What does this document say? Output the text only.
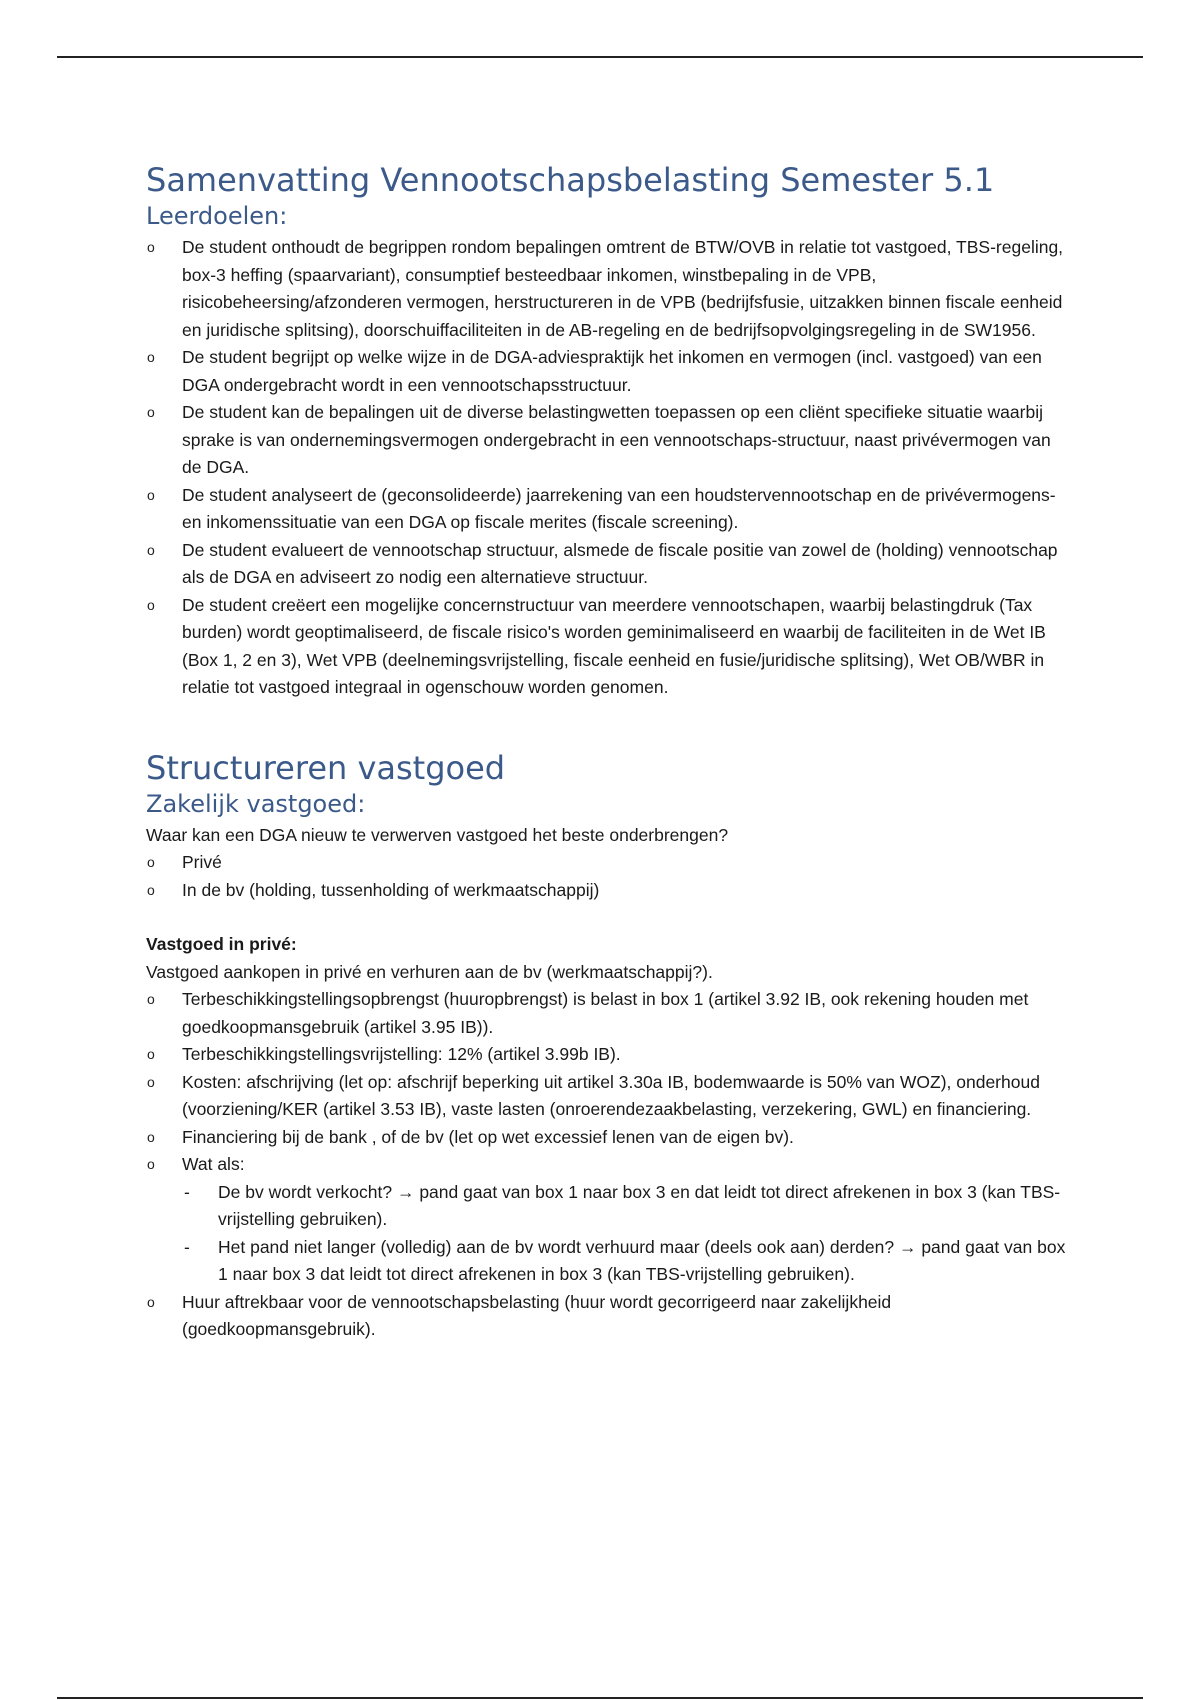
Samenvatting Vennootschapsbelasting Semester 5.1
Leerdoelen:
o De student onthoudt de begrippen rondom bepalingen omtrent de BTW/OVB in relatie tot vastgoed, TBS-regeling, box-3 heffing (spaarvariant), consumptief besteedbaar inkomen, winstbepaling in de VPB, risicobeheersing/afzonderen vermogen, herstructureren in de VPB (bedrijfsfusie, uitzakken binnen fiscale eenheid en juridische splitsing), doorschuiffaciliteiten in de AB-regeling en de bedrijfsopvolgingsregeling in de SW1956.
o De student begrijpt op welke wijze in de DGA-adviespraktijk het inkomen en vermogen (incl. vastgoed) van een DGA ondergebracht wordt in een vennootschapsstructuur.
o De student kan de bepalingen uit de diverse belastingwetten toepassen op een cliënt specifieke situatie waarbij sprake is van ondernemingsvermogen ondergebracht in een vennootschaps-structuur, naast privévermogen van de DGA.
o De student analyseert de (geconsolideerde) jaarrekening van een houdstervennootschap en de privévermogens- en inkomenssituatie van een DGA op fiscale merites (fiscale screening).
o De student evalueert de vennootschap structuur, alsmede de fiscale positie van zowel de (holding) vennootschap als de DGA en adviseert zo nodig een alternatieve structuur.
o De student creëert een mogelijke concernstructuur van meerdere vennootschapen, waarbij belastingdruk (Tax burden) wordt geoptimaliseerd, de fiscale risico's worden geminimaliseerd en waarbij de faciliteiten in de Wet IB (Box 1, 2 en 3), Wet VPB (deelnemingsvrijstelling, fiscale eenheid en fusie/juridische splitsing), Wet OB/WBR in relatie tot vastgoed integraal in ogenschouw worden genomen.
Structureren vastgoed
Zakelijk vastgoed:
Waar kan een DGA nieuw te verwerven vastgoed het beste onderbrengen?
o Privé
o In de bv (holding, tussenholding of werkmaatschappij)
Vastgoed in privé:
Vastgoed aankopen in privé en verhuren aan de bv (werkmaatschappij?).
o Terbeschikkingstellingsopbrengst (huuropbrengst) is belast in box 1 (artikel 3.92 IB, ook rekening houden met goedkoopmansgebruik (artikel 3.95 IB)).
o Terbeschikkingstellingsvrijstelling: 12% (artikel 3.99b IB).
o Kosten: afschrijving (let op: afschrijf beperking uit artikel 3.30a IB, bodemwaarde is 50% van WOZ), onderhoud (voorziening/KER (artikel 3.53 IB), vaste lasten (onroerendezaakbelasting, verzekering, GWL) en financiering.
o Financiering bij de bank , of de bv (let op wet excessief lenen van de eigen bv).
o Wat als:
- De bv wordt verkocht? → pand gaat van box 1 naar box 3 en dat leidt tot direct afrekenen in box 3 (kan TBS-vrijstelling gebruiken).
- Het pand niet langer (volledig) aan de bv wordt verhuurd maar (deels ook aan) derden? → pand gaat van box 1 naar box 3 dat leidt tot direct afrekenen in box 3 (kan TBS-vrijstelling gebruiken).
o Huur aftrekbaar voor de vennootschapsbelasting (huur wordt gecorrigeerd naar zakelijkheid (goedkoopmansgebruik).
